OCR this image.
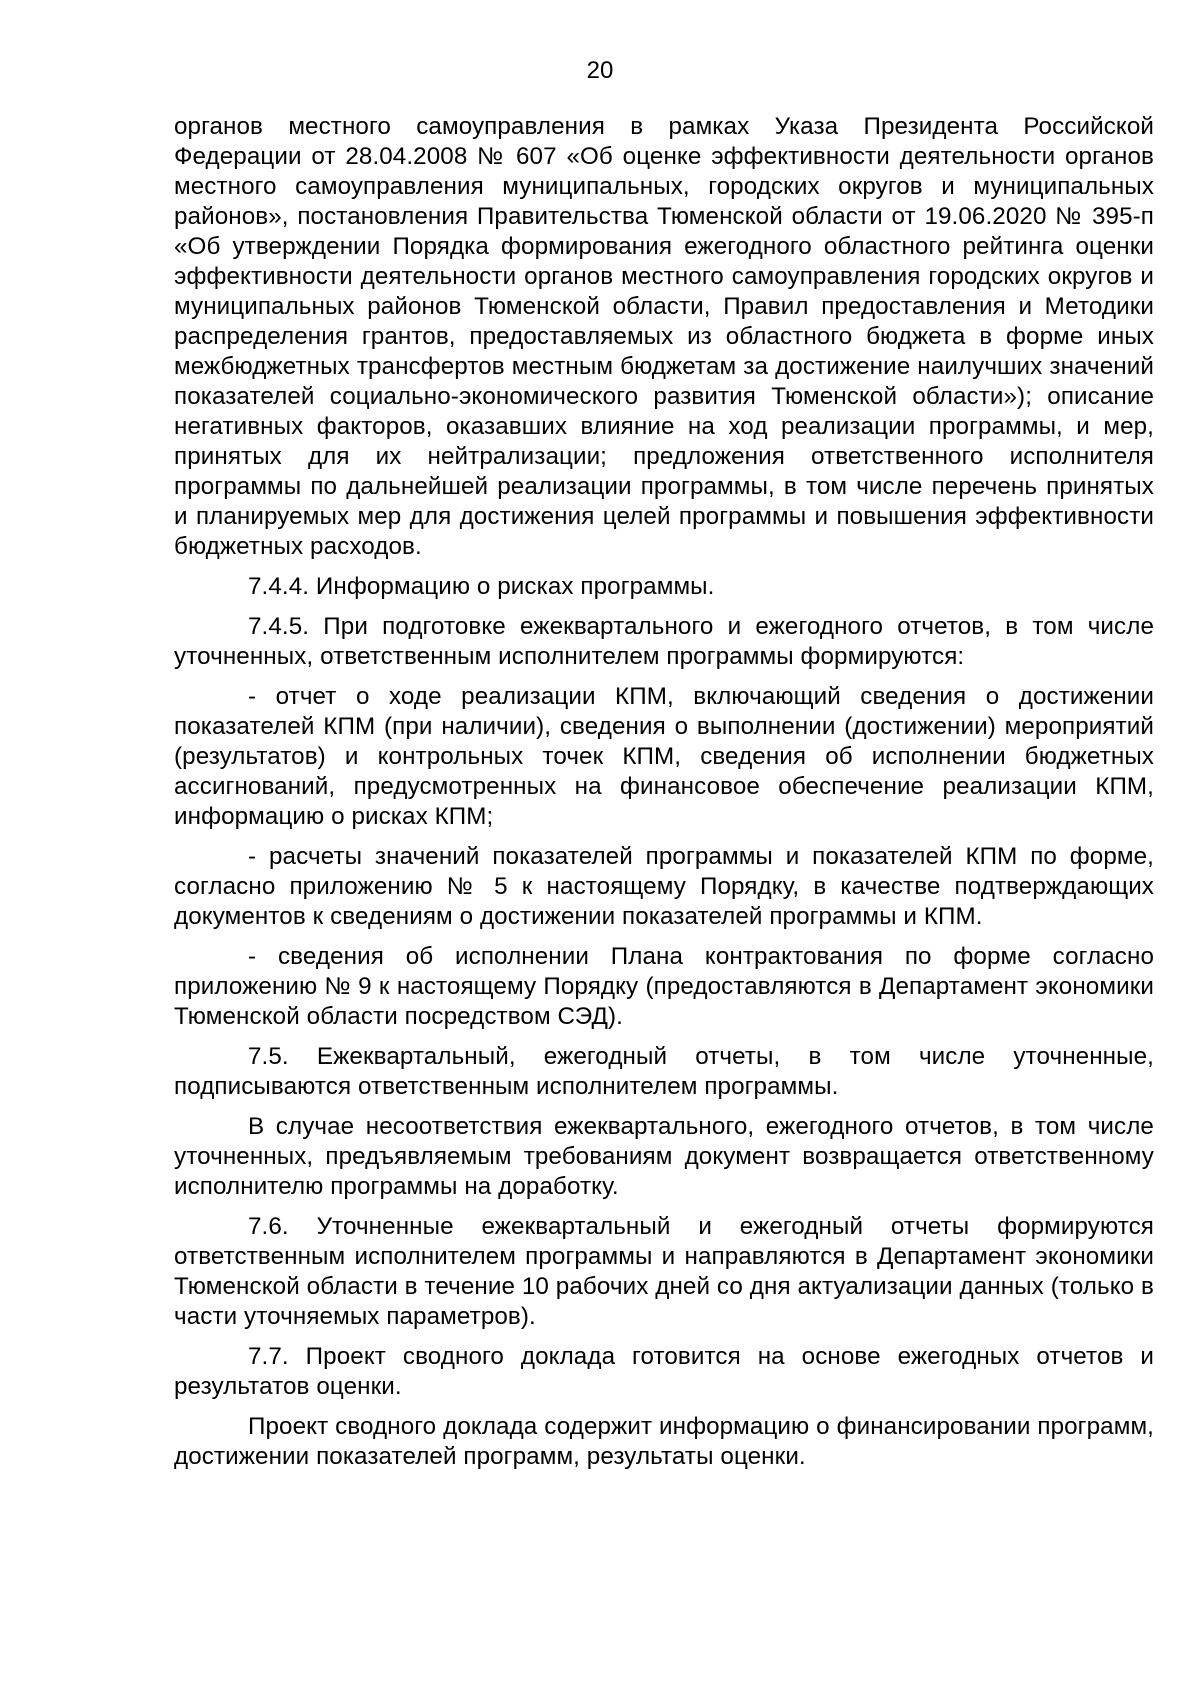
20

органов местного самоуправления в рамках Указа Президента Российской Федерации от 28.04.2008 № 607 «Об оценке эффективности деятельности органов местного самоуправления муниципальных, городских округов и муниципальных районов», постановления Правительства Тюменской области от 19.06.2020 № 395-п «Об утверждении Порядка формирования ежегодного областного рейтинга оценки эффективности деятельности органов местного самоуправления городских округов и муниципальных районов Тюменской области, Правил предоставления и Методики распределения грантов, предоставляемых из областного бюджета в форме иных межбюджетных трансфертов местным бюджетам за достижение наилучших значений показателей социально-экономического развития Тюменской области»); описание негативных факторов, оказавших влияние на ход реализации программы, и мер, принятых для их нейтрализации; предложения ответственного исполнителя программы по дальнейшей реализации программы, в том числе перечень принятых и планируемых мер для достижения целей программы и повышения эффективности бюджетных расходов.

7.4.4. Информацию о рисках программы.

7.4.5. При подготовке ежеквартального и ежегодного отчетов, в том числе уточненных, ответственным исполнителем программы формируются:

- отчет о ходе реализации КПМ, включающий сведения о достижении показателей КПМ (при наличии), сведения о выполнении (достижении) мероприятий (результатов) и контрольных точек КПМ, сведения об исполнении бюджетных ассигнований, предусмотренных на финансовое обеспечение реализации КПМ, информацию о рисках КПМ;

- расчеты значений показателей программы и показателей КПМ по форме, согласно приложению № 5 к настоящему Порядку, в качестве подтверждающих документов к сведениям о достижении показателей программы и КПМ.

- сведения об исполнении Плана контрактования по форме согласно приложению № 9 к настоящему Порядку (предоставляются в Департамент экономики Тюменской области посредством СЭД).

7.5. Ежеквартальный, ежегодный отчеты, в том числе уточненные, подписываются ответственным исполнителем программы.

В случае несоответствия ежеквартального, ежегодного отчетов, в том числе уточненных, предъявляемым требованиям документ возвращается ответственному исполнителю программы на доработку.

7.6. Уточненные ежеквартальный и ежегодный отчеты формируются ответственным исполнителем программы и направляются в Департамент экономики Тюменской области в течение 10 рабочих дней со дня актуализации данных (только в части уточняемых параметров).

7.7. Проект сводного доклада готовится на основе ежегодных отчетов и результатов оценки.

Проект сводного доклада содержит информацию о финансировании программ, достижении показателей программ, результаты оценки.
